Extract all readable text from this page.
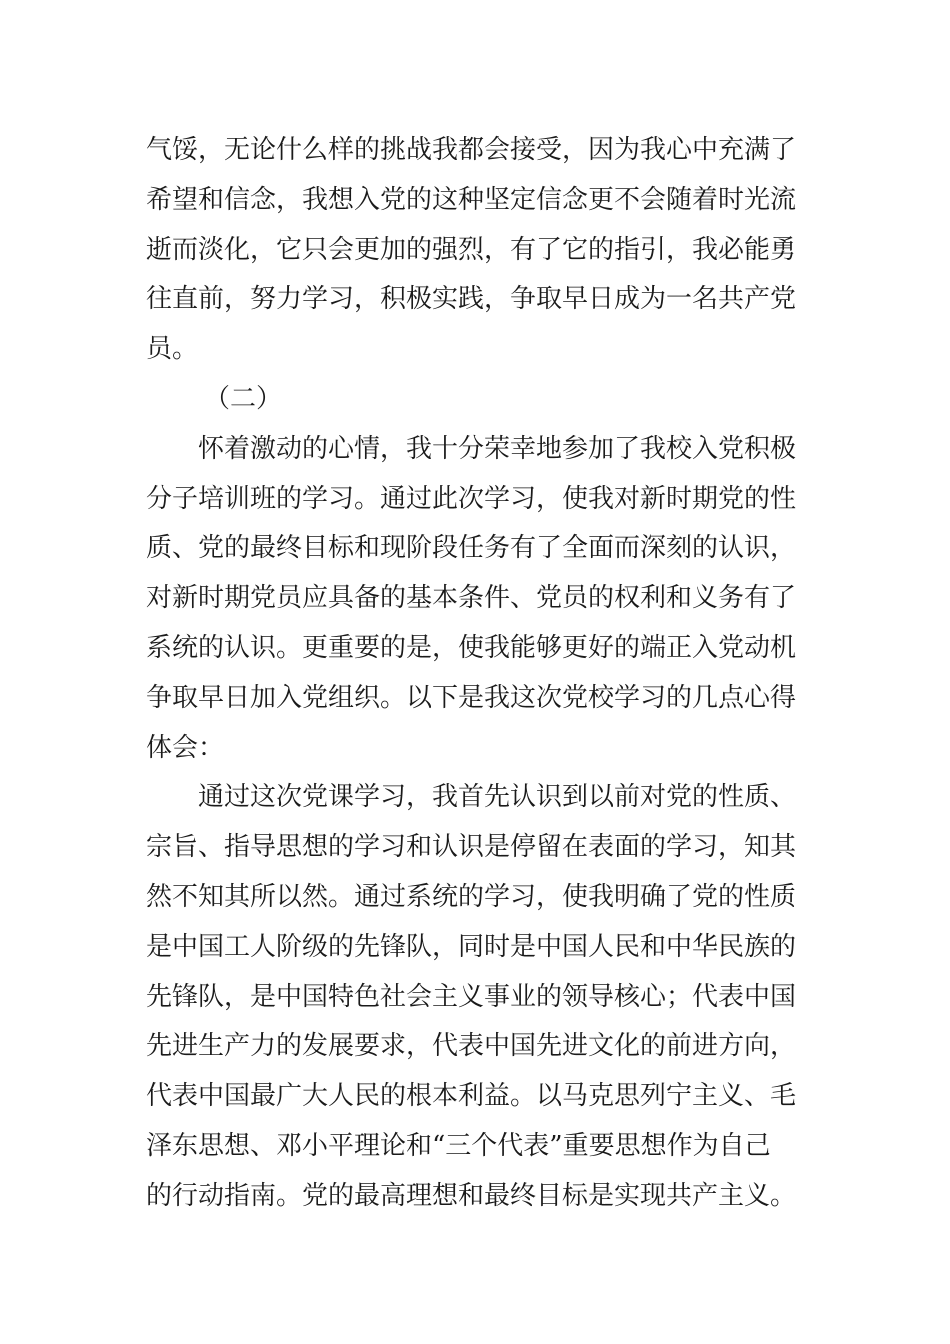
气馁，无论什么样的挑战我都会接受，因为我心中充满了
希望和信念，我想入党的这种坚定信念更不会随着时光流
逝而淡化，它只会更加的强烈，有了它的指引，我必能勇
往直前，努力学习，积极实践，争取早日成为一名共产党
员。
（二）
怀着激动的心情，我十分荣幸地参加了我校入党积极
分子培训班的学习。通过此次学习，使我对新时期党的性
质、党的最终目标和现阶段任务有了全面而深刻的认识，
对新时期党员应具备的基本条件、党员的权利和义务有了
系统的认识。更重要的是，使我能够更好的端正入党动机
争取早日加入党组织。以下是我这次党校学习的几点心得
体会：
通过这次党课学习，我首先认识到以前对党的性质、
宗旨、指导思想的学习和认识是停留在表面的学习，知其
然不知其所以然。通过系统的学习，使我明确了党的性质
是中国工人阶级的先锋队，同时是中国人民和中华民族的
先锋队，是中国特色社会主义事业的领导核心；代表中国
先进生产力的发展要求，代表中国先进文化的前进方向，
代表中国最广大人民的根本利益。以马克思列宁主义、毛
泽东思想、邓小平理论和“三个代表”重要思想作为自己
的行动指南。党的最高理想和最终目标是实现共产主义。
